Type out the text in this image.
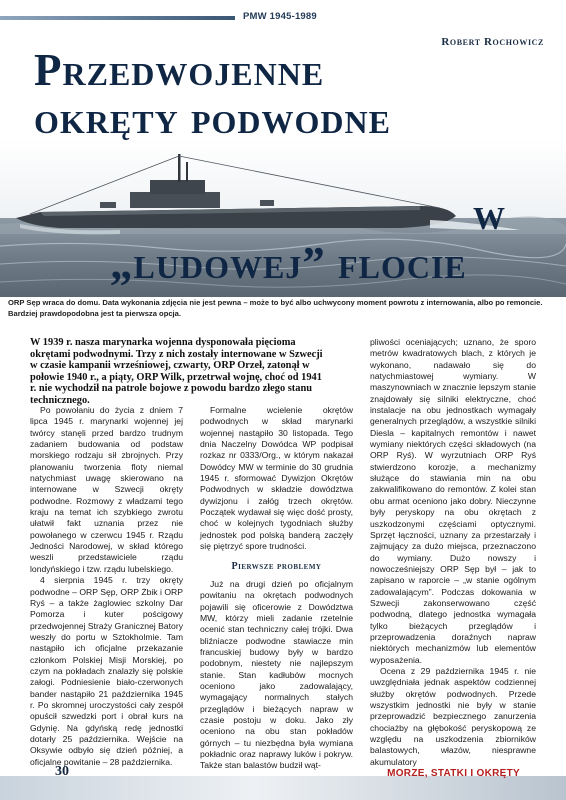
PMW 1945-1989
Robert Rochowicz
Przedwojenne
okręty podwodne
w
„ludowej” flocie
ORP Sęp wraca do domu. Data wykonania zdjęcia nie jest pewna – może to być albo uchwycony moment powrotu z internowania, albo po remoncie. Bardziej prawdopodobna jest ta pierwsza opcja.
W 1939 r. nasza marynarka wojenna dysponowała pięcioma okrętami podwodnymi. Trzy z nich zostały internowane w Szwecji w czasie kampanii wrześniowej, czwarty, ORP Orzeł, zatonął w połowie 1940 r., a piąty, ORP Wilk, przetrwał wojnę, choć od 1941 r. nie wychodził na patrole bojowe z powodu bardzo złego stanu technicznego.

Po powołaniu do życia z dniem 7 lipca 1945 r. marynarki wojennej jej twórcy stanęli przed bardzo trudnym zadaniem budowania od podstaw morskiego rodzaju sił zbrojnych. Przy planowaniu tworzenia floty niemal natychmiast uwagę skierowano na internowane w Szwecji okręty podwodne. Rozmowy z władzami tego kraju na temat ich szybkiego zwrotu ułatwił fakt uznania przez nie powołanego w czerwcu 1945 r. Rządu Jedności Narodowej, w skład którego weszli przedstawiciele rządu londyńskiego i tzw. rządu lubelskiego.

4 sierpnia 1945 r. trzy okręty podwodne – ORP Sęp, ORP Żbik i ORP Ryś – a także żaglowiec szkolny Dar Pomorza i kuter pościgowy przedwojennej Straży Granicznej Batory weszły do portu w Sztokholmie. Tam nastąpiło ich oficjalne przekazanie członkom Polskiej Misji Morskiej, po czym na pokładach znalazły się polskie załogi. Podniesienie biało-czerwonych bander nastąpiło 21 października 1945 r. Po skromnej uroczystości cały zespół opuścił szwedzki port i obrał kurs na Gdynię. Na gdyńską redę jednostki dotarły 25 października. Wejście na Oksywie odbyło się dzień później, a oficjalne powitanie – 28 października.

Formalne wcielenie okrętów podwodnych w skład marynarki wojennej nastąpiło 30 listopada. Tego dnia Naczelny Dowódca WP podpisał rozkaz nr 0333/Org., w którym nakazał Dowódcy MW w terminie do 30 grudnia 1945 r. sformować Dywizjon Okrętów Podwodnych w składzie dowództwa dywizjonu i załóg trzech okrętów. Początek wydawał się więc dość prosty, choć w kolejnych tygodniach służby jednostek pod polską banderą zaczęły się piętrzyć spore trudności.

Pierwsze problemy

Już na drugi dzień po oficjalnym powitaniu na okrętach podwodnych pojawili się oficerowie z Dowództwa MW, którzy mieli zadanie rzetelnie ocenić stan techniczny całej trójki. Dwa bliźniacze podwodne stawiacze min francuskiej budowy były w bardzo podobnym, niestety nie najlepszym stanie. Stan kadłubów mocnych oceniono jako zadowalający, wymagający normalnych stałych przeglądów i bieżących napraw w czasie postoju w doku. Jako zły oceniono na obu stan pokładów górnych – tu niezbędna była wymiana pokładnic oraz naprawy luków i pokryw. Także stan balastów budził wąt-

pliwości oceniających; uznano, że sporo metrów kwadratowych blach, z których je wykonano, nadawało się do natychmiastowej wymiany. W maszynowniach w znacznie lepszym stanie znajdowały się silniki elektryczne, choć instalacje na obu jednostkach wymagały generalnych przeglądów, a wszystkie silniki Diesla – kapitalnych remontów i nawet wymiany niektórych części składowych (na ORP Ryś). W wyrzutniach ORP Ryś stwierdzono korozje, a mechanizmy służące do stawiania min na obu zakwalifikowano do remontów. Z kolei stan obu armat oceniono jako dobry. Nieczynne były peryskopy na obu okrętach z uszkodzonymi częściami optycznymi. Sprzęt łączności, uznany za przestarzały i zajmujący za dużo miejsca, przeznaczono do wymiany. Dużo nowszy i nowocześniejszy ORP Sęp był – jak to zapisano w raporcie – „w stanie ogólnym zadowalającym”. Podczas dokowania w Szwecji zakonserwowano część podwodną, dlatego jednostka wymagała tylko bieżących przeglądów i przeprowadzenia doraźnych napraw niektórych mechanizmów lub elementów wyposażenia.

Ocena z 29 października 1945 r. nie uwzględniała jednak aspektów codziennej służby okrętów podwodnych. Przede wszystkim jednostki nie były w stanie przeprowadzić bezpiecznego zanurzenia chociażby na głębokość peryskopową ze względu na uszkodzenia zbiorników balastowych, włazów, niesprawne akumulatory

30	MORZE, STATKI I OKRĘTY
